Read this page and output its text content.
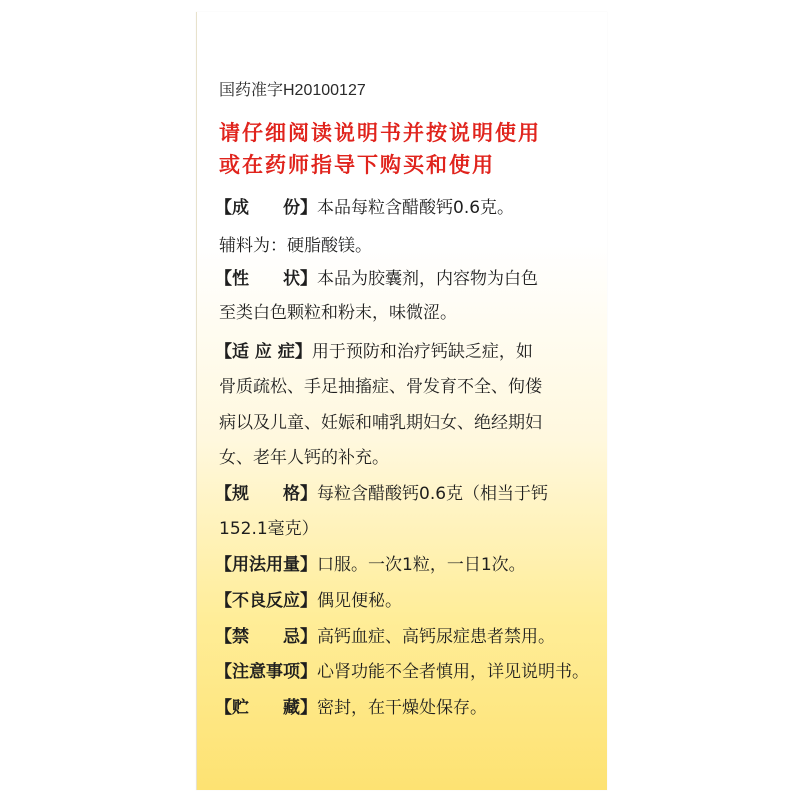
国药准字H20100127
请仔细阅读说明书并按说明使用
或在药师指导下购买和使用
【成 份】本品每粒含醋酸钙0.6克。
辅料为：硬脂酸镁。
【性 状】本品为胶囊剂，内容物为白色
至类白色颗粒和粉末，味微涩。
【适 应 症】用于预防和治疗钙缺乏症，如
骨质疏松、手足抽搐症、骨发育不全、佝偻
病以及儿童、妊娠和哺乳期妇女、绝经期妇
女、老年人钙的补充。
【规 格】每粒含醋酸钙0.6克（相当于钙
152.1毫克）
【用法用量】口服。一次1粒，一日1次。
【不良反应】偶见便秘。
【禁 忌】高钙血症、高钙尿症患者禁用。
【注意事项】心肾功能不全者慎用，详见说明书。
【贮 藏】密封，在干燥处保存。
